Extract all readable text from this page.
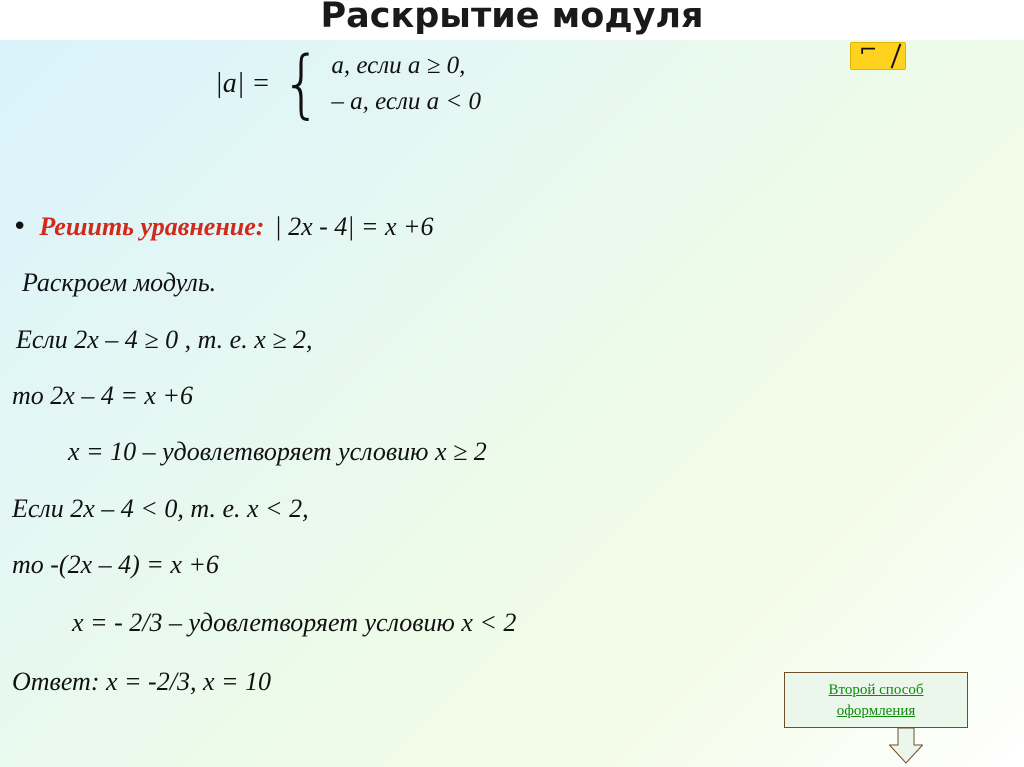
Раскрытие модуля
⌐
|a| = { a, если a ≥ 0,
– a, если a < 0
• Решить уравнение: | 2x - 4| = x +6
Раскроем модуль.
Если 2x – 4 ≥ 0 , т. е. x ≥ 2,
то 2x – 4 = x +6
x = 10 – удовлетворяет условию x ≥ 2
Если 2x – 4 < 0, т. е. x < 2,
то -(2x – 4) = x +6
x = - 2/3 – удовлетворяет условию x < 2
Ответ: x = -2/3, x = 10	Второй способ
оформления
